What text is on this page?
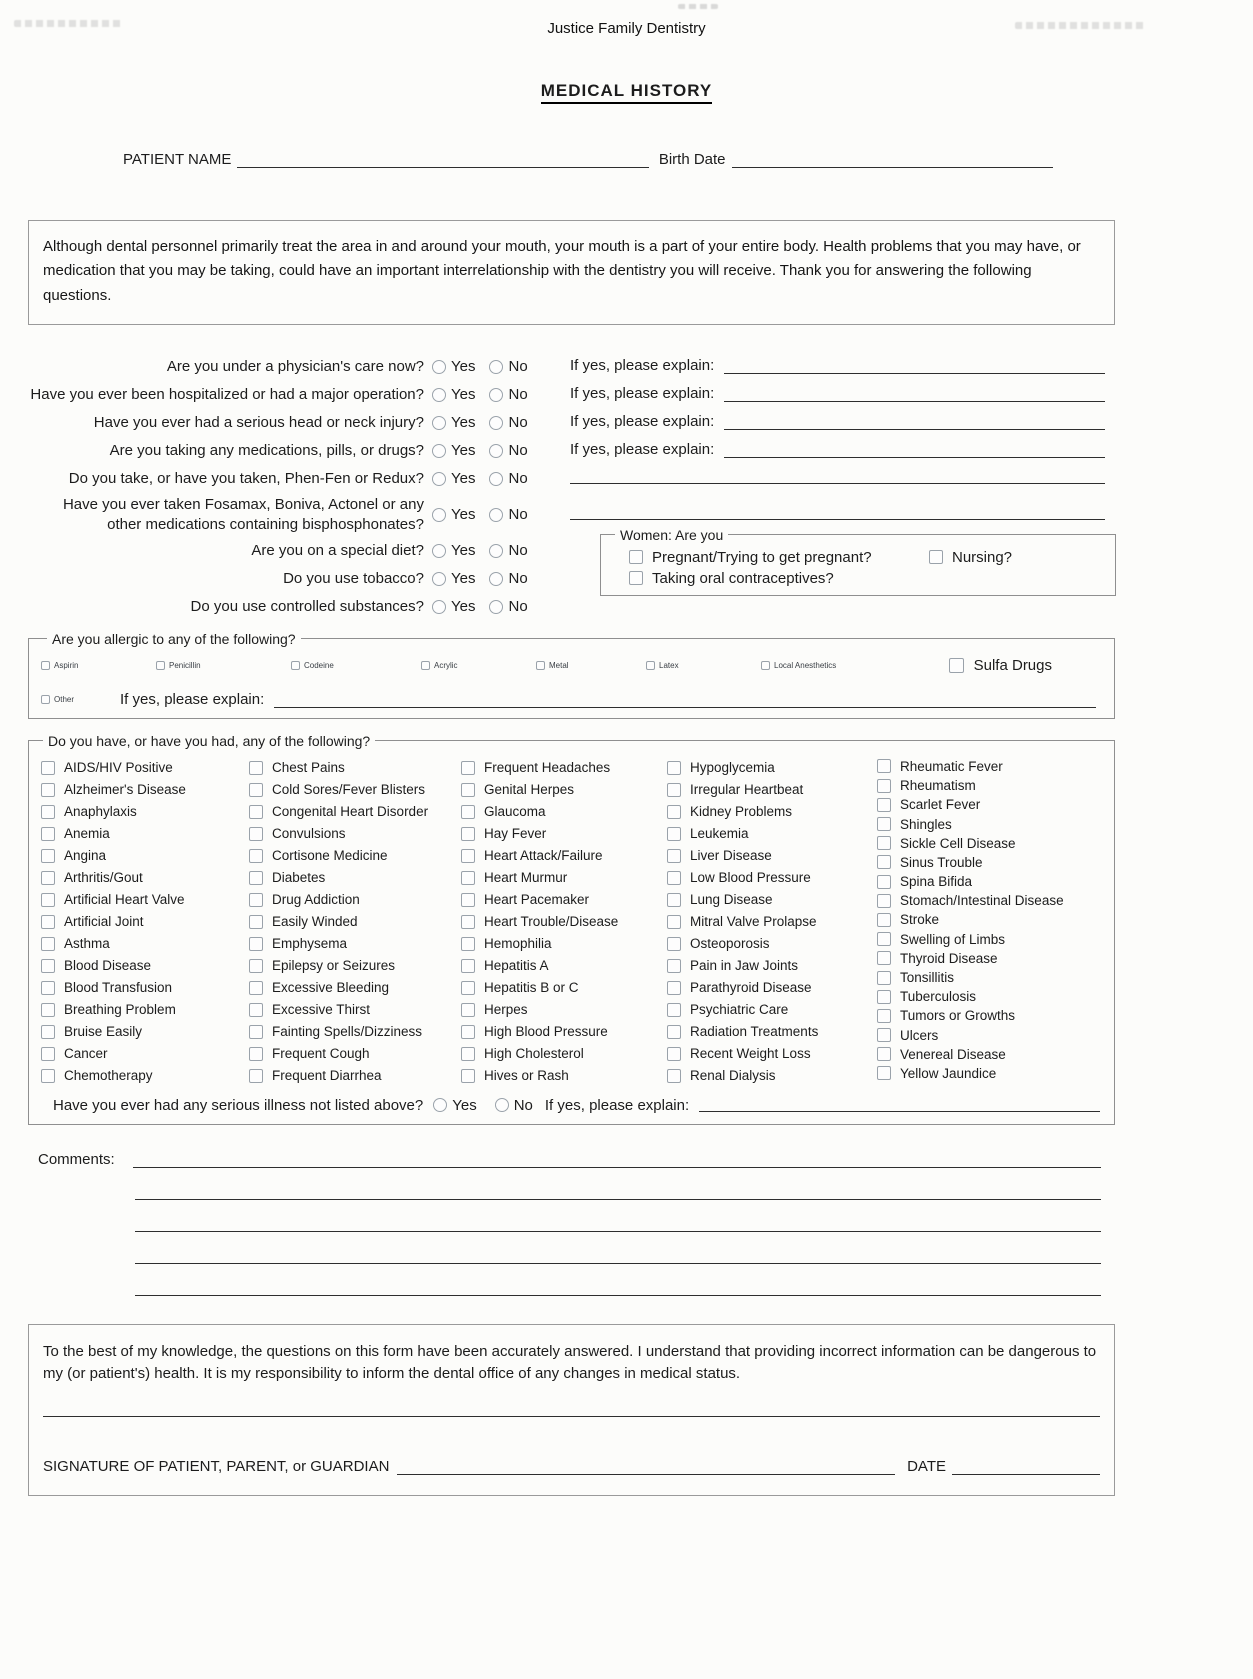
Justice Family Dentistry
MEDICAL HISTORY
PATIENT NAME	Birth Date
Although dental personnel primarily treat the area in and around your mouth, your mouth is a part of your entire body. Health problems that you may have, or medication that you may be taking, could have an important interrelationship with the dentistry you will receive. Thank you for answering the following questions.
Are you under a physician's care now?	Yes No	If yes, please explain:
Have you ever been hospitalized or had a major operation?	Yes No	If yes, please explain:
Have you ever had a serious head or neck injury?	Yes No	If yes, please explain:
Are you taking any medications, pills, or drugs?	Yes No	If yes, please explain:
Do you take, or have you taken, Phen-Fen or Redux?	Yes No
Have you ever taken Fosamax, Boniva, Actonel or any other medications containing bisphosphonates?
Yes No
Are you on a special diet?	Yes No
Do you use tobacco?	Yes No
Do you use controlled substances?	Yes No
Women: Are you
Pregnant/Trying to get pregnant?	Nursing?
Taking oral contraceptives?
Are you allergic to any of the following?
Aspirin	Penicillin	Codeine	Acrylic	Metal	Latex	Local Anesthetics	Sulfa Drugs
Other	If yes, please explain:
Do you have, or have you had, any of the following?
AIDS/HIV Positive
Alzheimer's Disease
Anaphylaxis
Anemia
Angina
Arthritis/Gout
Artificial Heart Valve
Artificial Joint
Asthma
Blood Disease
Blood Transfusion
Breathing Problem
Bruise Easily
Cancer
Chemotherapy
Chest Pains
Cold Sores/Fever Blisters
Congenital Heart Disorder
Convulsions
Cortisone Medicine
Diabetes
Drug Addiction
Easily Winded
Emphysema
Epilepsy or Seizures
Excessive Bleeding
Excessive Thirst
Fainting Spells/Dizziness
Frequent Cough
Frequent Diarrhea
Frequent Headaches
Genital Herpes
Glaucoma
Hay Fever
Heart Attack/Failure
Heart Murmur
Heart Pacemaker
Heart Trouble/Disease
Hemophilia
Hepatitis A
Hepatitis B or C
Herpes
High Blood Pressure
High Cholesterol
Hives or Rash
Hypoglycemia
Irregular Heartbeat
Kidney Problems
Leukemia
Liver Disease
Low Blood Pressure
Lung Disease
Mitral Valve Prolapse
Osteoporosis
Pain in Jaw Joints
Parathyroid Disease
Psychiatric Care
Radiation Treatments
Recent Weight Loss
Renal Dialysis
Rheumatic Fever
Rheumatism
Scarlet Fever
Shingles
Sickle Cell Disease
Sinus Trouble
Spina Bifida
Stomach/Intestinal Disease
Stroke
Swelling of Limbs
Thyroid Disease
Tonsillitis
Tuberculosis
Tumors or Growths
Ulcers
Venereal Disease
Yellow Jaundice
Have you ever had any serious illness not listed above? Yes No If yes, please explain:
Comments:
To the best of my knowledge, the questions on this form have been accurately answered. I understand that providing incorrect information can be dangerous to my (or patient's) health. It is my responsibility to inform the dental office of any changes in medical status.
SIGNATURE OF PATIENT, PARENT, or GUARDIAN	DATE
